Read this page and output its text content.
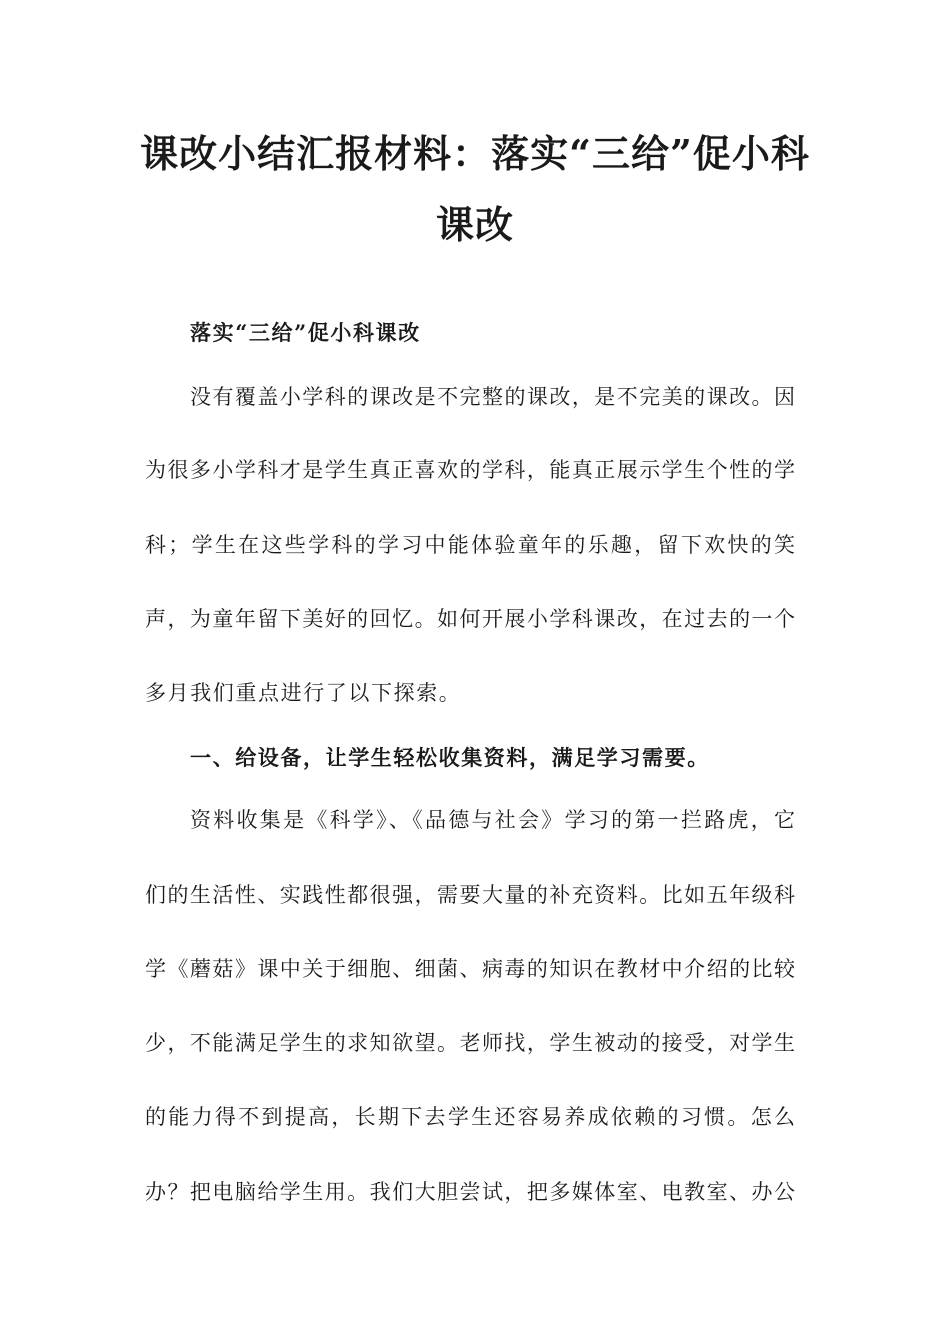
课改小结汇报材料：落实“三给”促小科
课改
落实“三给”促小科课改
没有覆盖小学科的课改是不完整的课改，是不完美的课改。因
为很多小学科才是学生真正喜欢的学科，能真正展示学生个性的学
科；学生在这些学科的学习中能体验童年的乐趣，留下欢快的笑
声，为童年留下美好的回忆。如何开展小学科课改，在过去的一个
多月我们重点进行了以下探索。
一、给设备，让学生轻松收集资料，满足学习需要。
资料收集是《科学》、《品德与社会》学习的第一拦路虎，它
们的生活性、实践性都很强，需要大量的补充资料。比如五年级科
学《蘑菇》课中关于细胞、细菌、病毒的知识在教材中介绍的比较
少，不能满足学生的求知欲望。老师找，学生被动的接受，对学生
的能力得不到提高，长期下去学生还容易养成依赖的习惯。怎么
办？把电脑给学生用。我们大胆尝试，把多媒体室、电教室、办公
